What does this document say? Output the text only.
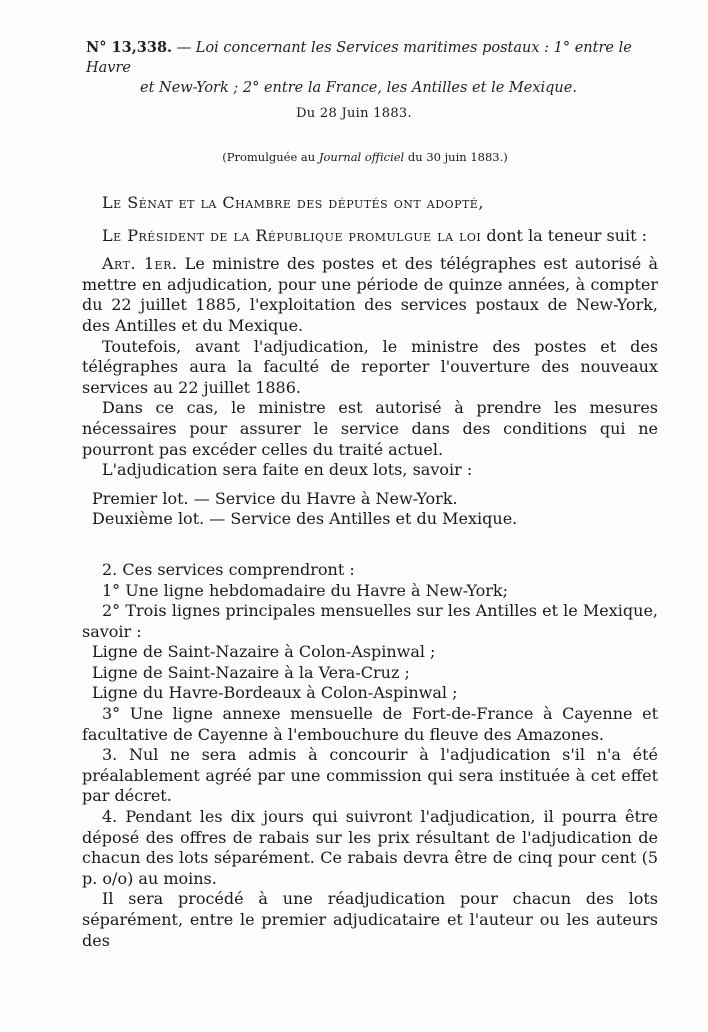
N° 13,338. — Loi concernant les Services maritimes postaux : 1° entre le Havre
et New-York ; 2° entre la France, les Antilles et le Mexique.
Du 28 Juin 1883.
(Promulguée au Journal officiel du 30 juin 1883.)

Le Sénat et la Chambre des députés ont adopté,

Le Président de la République promulgue la loi dont la teneur suit :

Art. 1er. Le ministre des postes et des télégraphes est autorisé à mettre en adjudication, pour une période de quinze années, à compter du 22 juillet 1885, l'exploitation des services postaux de New-York, des Antilles et du Mexique.

Toutefois, avant l'adjudication, le ministre des postes et des télégraphes aura la faculté de reporter l'ouverture des nouveaux services au 22 juillet 1886.

Dans ce cas, le ministre est autorisé à prendre les mesures nécessaires pour assurer le service dans des conditions qui ne pourront pas excéder celles du traité actuel.

L'adjudication sera faite en deux lots, savoir :

Premier lot. — Service du Havre à New-York.

Deuxième lot. — Service des Antilles et du Mexique.

2. Ces services comprendront :

1° Une ligne hebdomadaire du Havre à New-York;

2° Trois lignes principales mensuelles sur les Antilles et le Mexique, savoir :

Ligne de Saint-Nazaire à Colon-Aspinwal ;

Ligne de Saint-Nazaire à la Vera-Cruz ;

Ligne du Havre-Bordeaux à Colon-Aspinwal ;

3° Une ligne annexe mensuelle de Fort-de-France à Cayenne et facultative de Cayenne à l'embouchure du fleuve des Amazones.

3. Nul ne sera admis à concourir à l'adjudication s'il n'a été préalablement agréé par une commission qui sera instituée à cet effet par décret.

4. Pendant les dix jours qui suivront l'adjudication, il pourra être déposé des offres de rabais sur les prix résultant de l'adjudication de chacun des lots séparément. Ce rabais devra être de cinq pour cent (5 p. o/o) au moins.

Il sera procédé à une réadjudication pour chacun des lots séparément, entre le premier adjudicataire et l'auteur ou les auteurs des
